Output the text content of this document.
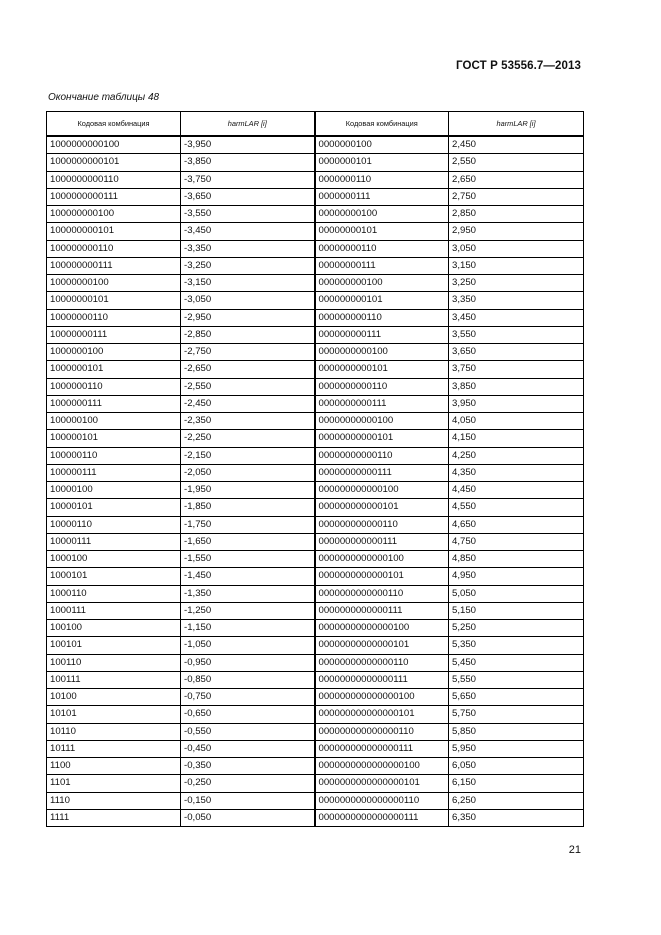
ГОСТ Р 53556.7—2013
Окончание таблицы 48
Кодовая комбинация	harmLAR [i]	Кодовая комбинация	harmLAR [i]
1000000000100	-3,950	0000000100	2,450
1000000000101	-3,850	0000000101	2,550
1000000000110	-3,750	0000000110	2,650
1000000000111	-3,650	0000000111	2,750
100000000100	-3,550	00000000100	2,850
100000000101	-3,450	00000000101	2,950
100000000110	-3,350	00000000110	3,050
100000000111	-3,250	00000000111	3,150
10000000100	-3,150	000000000100	3,250
10000000101	-3,050	000000000101	3,350
10000000110	-2,950	000000000110	3,450
10000000111	-2,850	000000000111	3,550
1000000100	-2,750	0000000000100	3,650
1000000101	-2,650	0000000000101	3,750
1000000110	-2,550	0000000000110	3,850
1000000111	-2,450	0000000000111	3,950
100000100	-2,350	00000000000100	4,050
100000101	-2,250	00000000000101	4,150
100000110	-2,150	00000000000110	4,250
100000111	-2,050	00000000000111	4,350
10000100	-1,950	000000000000100	4,450
10000101	-1,850	000000000000101	4,550
10000110	-1,750	000000000000110	4,650
10000111	-1,650	000000000000111	4,750
1000100	-1,550	0000000000000100	4,850
1000101	-1,450	0000000000000101	4,950
1000110	-1,350	0000000000000110	5,050
1000111	-1,250	0000000000000111	5,150
100100	-1,150	00000000000000100	5,250
100101	-1,050	00000000000000101	5,350
100110	-0,950	00000000000000110	5,450
100111	-0,850	00000000000000111	5,550
10100	-0,750	000000000000000100	5,650
10101	-0,650	000000000000000101	5,750
10110	-0,550	000000000000000110	5,850
10111	-0,450	000000000000000111	5,950
1100	-0,350	0000000000000000100	6,050
1101	-0,250	0000000000000000101	6,150
1110	-0,150	0000000000000000110	6,250
1111	-0,050	0000000000000000111	6,350
21
